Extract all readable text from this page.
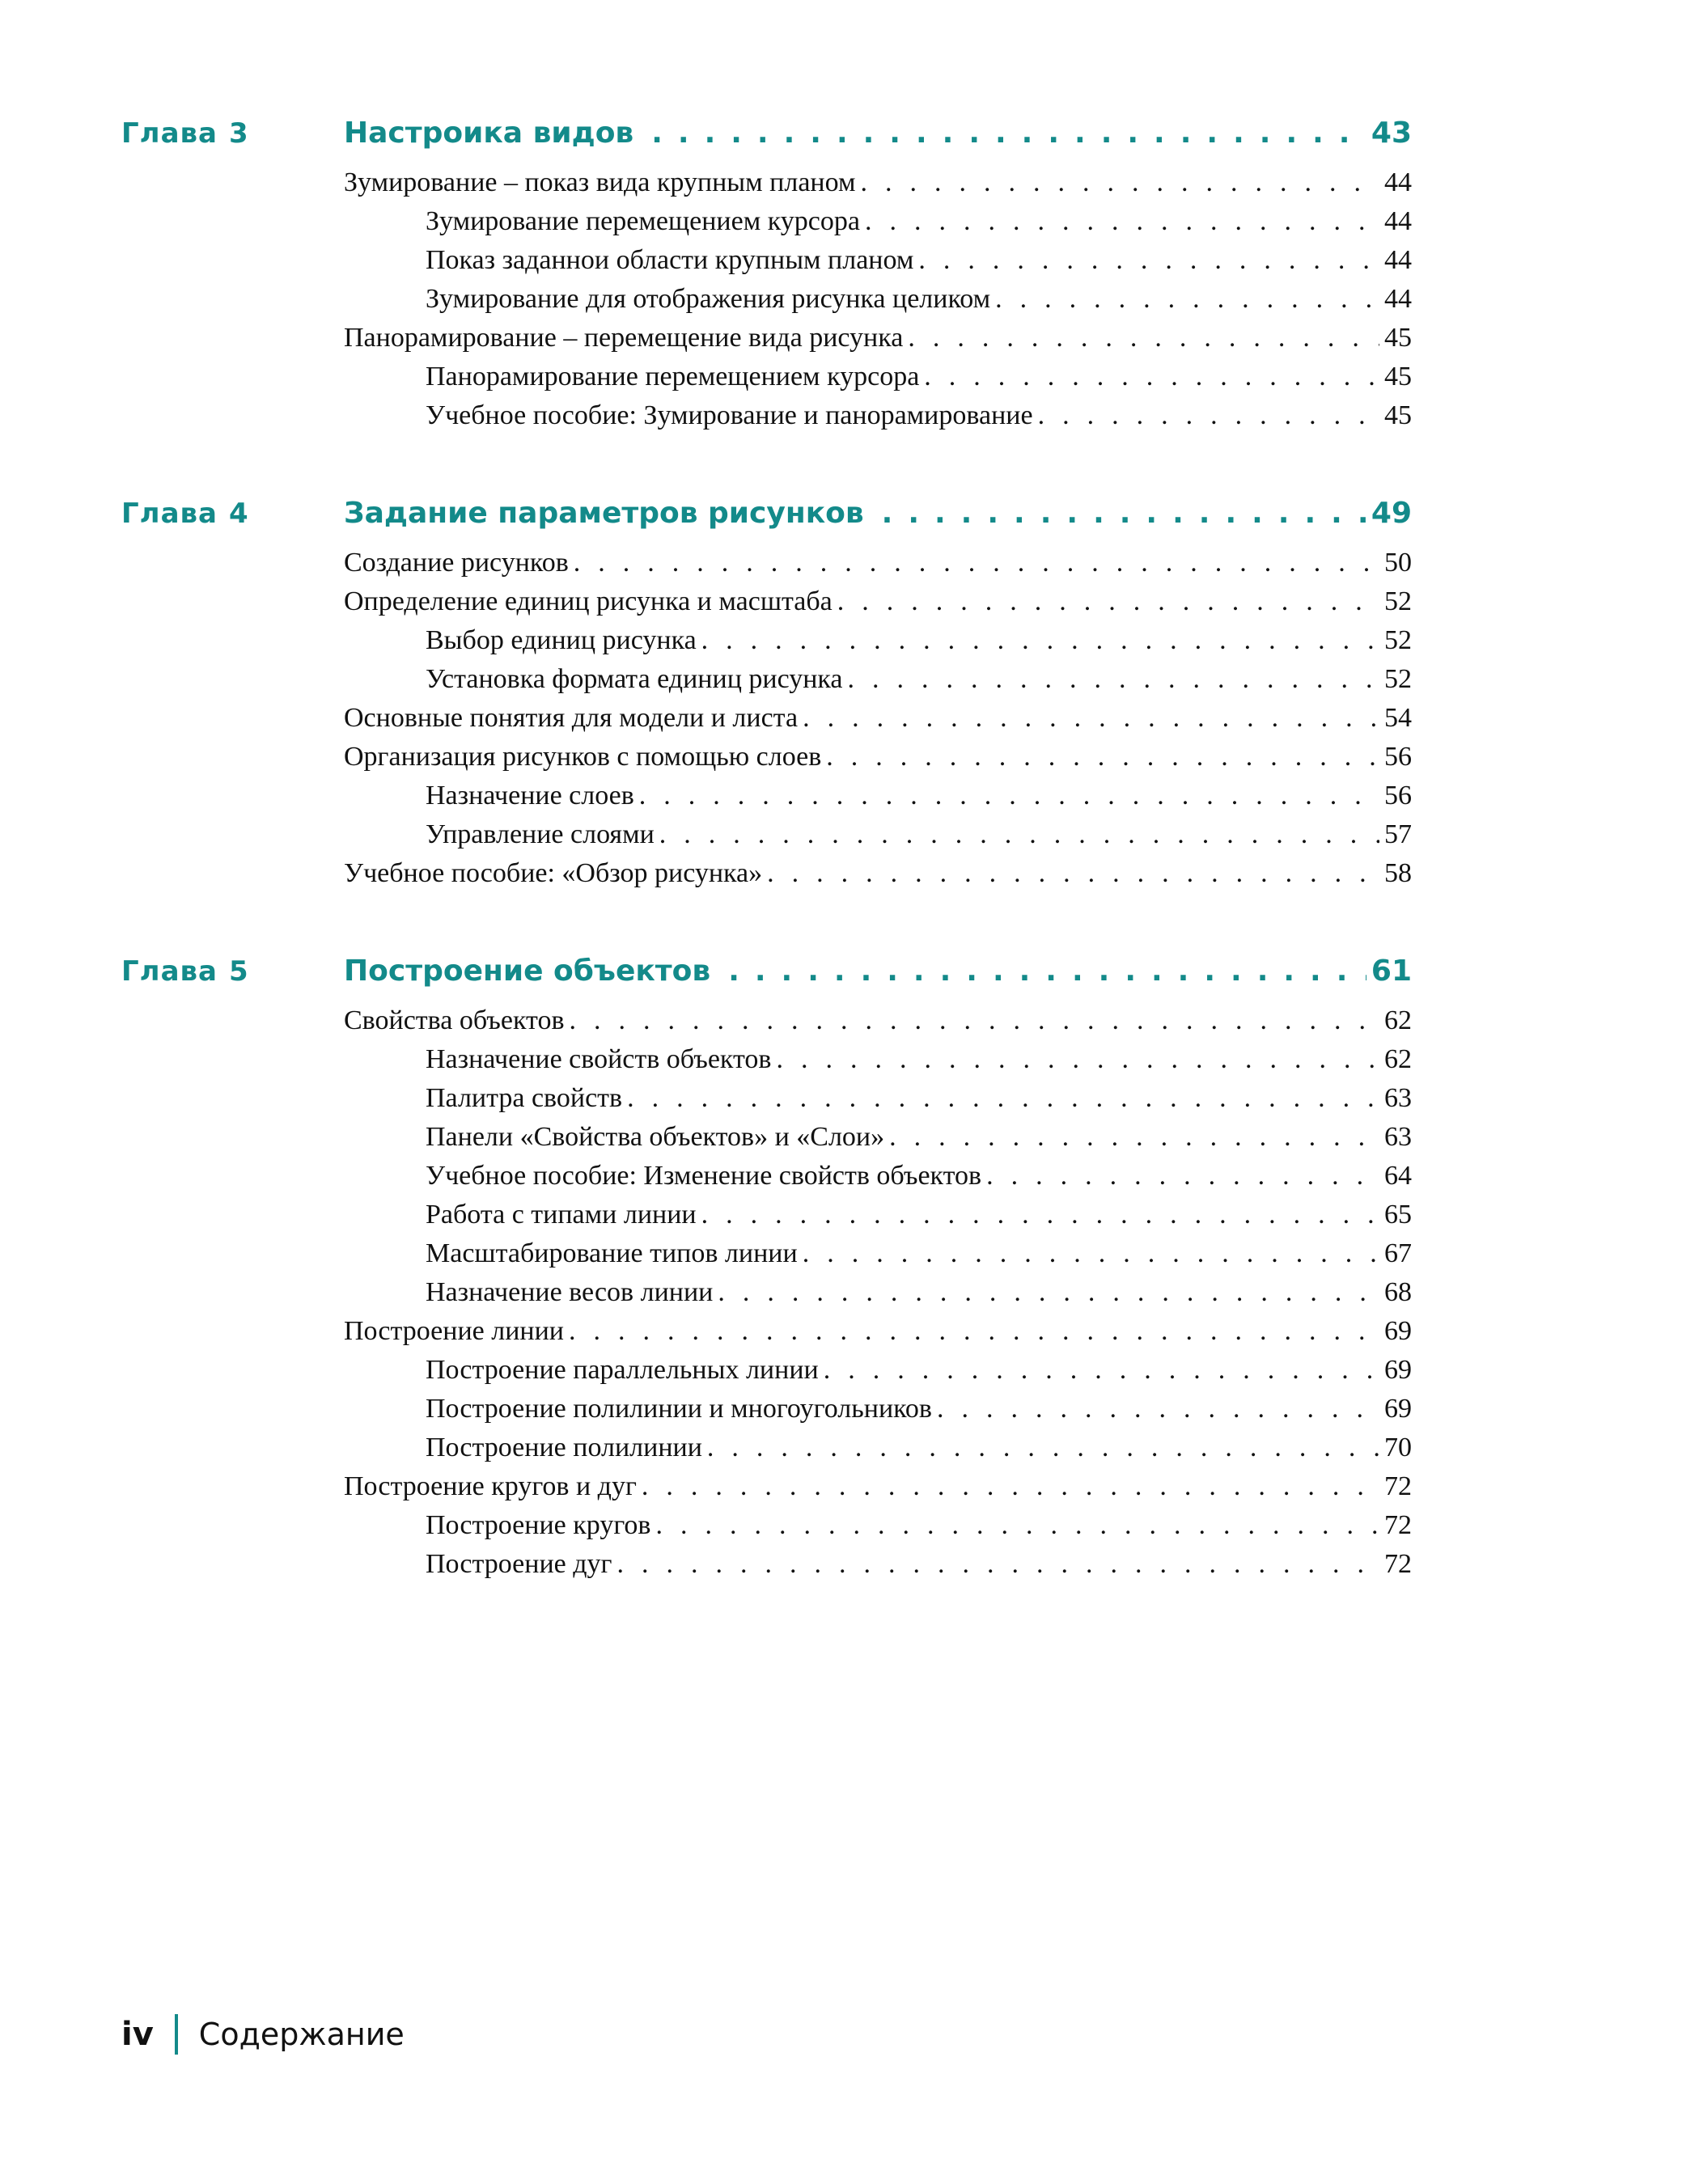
Глава 3	Настроика видов .....	43
Зумирование – показ вида крупным планом .....	44
Зумирование перемещением курсора .....	44
Показ заданнои области крупным планом .....	44
Зумирование для отображения рисунка целиком .....	44
Панорамирование – перемещение вида рисунка .....	45
Панорамирование перемещением курсора .....	45
Учебное пособие: Зумирование и панорамирование .....	45
Глава 4	Задание параметров рисунков .....	49
Создание рисунков .....	50
Определение единиц рисунка и масштаба .....	52
Выбор единиц рисунка .....	52
Установка формата единиц рисунка .....	52
Основные понятия для модели и листа .....	54
Организация рисунков с помощью слоев .....	56
Назначение слоев .....	56
Управление слоями .....	57
Учебное пособие: «Обзор рисунка» .....	58
Глава 5	Построение объектов .....	61
Свойства объектов .....	62
Назначение свойств объектов .....	62
Палитра свойств .....	63
Панели «Свойства объектов» и «Слои» .....	63
Учебное пособие: Изменение свойств объектов .....	64
Работа с типами линии .....	65
Масштабирование типов линии .....	67
Назначение весов линии .....	68
Построение линии .....	69
Построение параллельных линии .....	69
Построение полилинии и многоугольников .....	69
Построение полилинии .....	70
Построение кругов и дуг .....	72
Построение кругов .....	72
Построение дуг .....	72
iv Содержание
